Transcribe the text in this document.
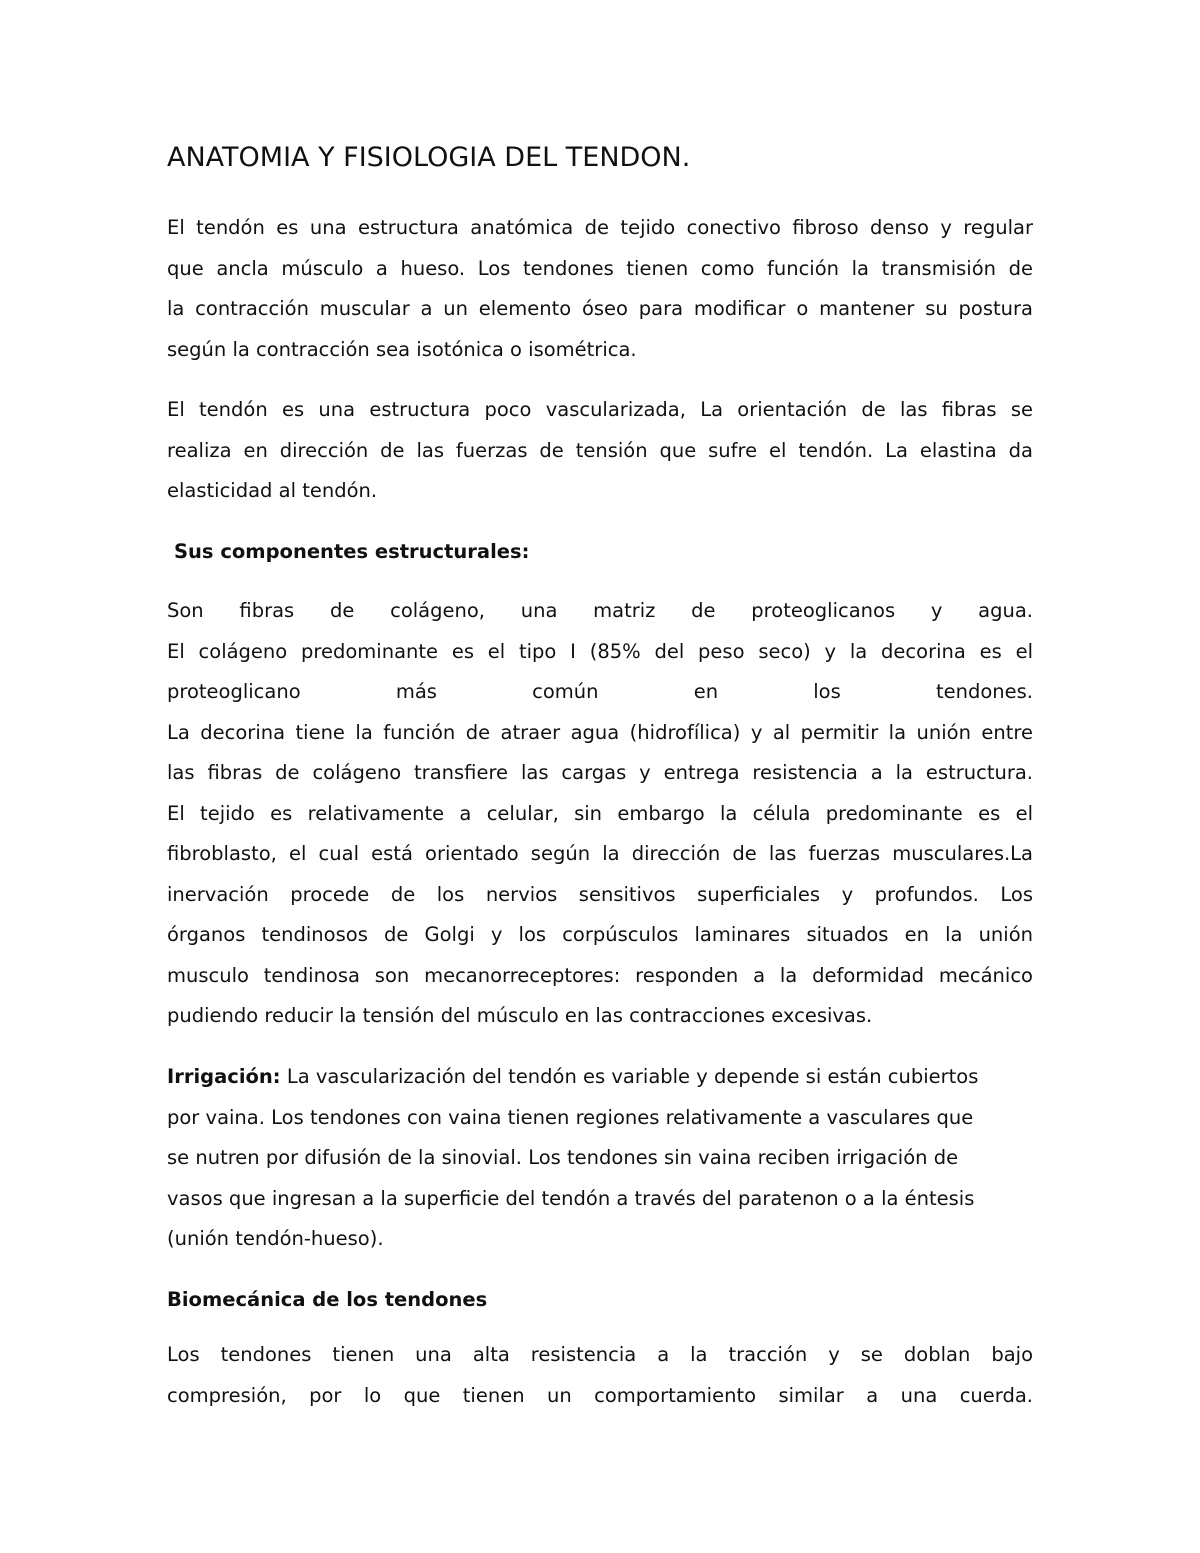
ANATOMIA Y FISIOLOGIA DEL TENDON.

El tendón es una estructura anatómica de tejido conectivo fibroso denso y regular
que ancla músculo a hueso. Los tendones tienen como función la transmisión de
la contracción muscular a un elemento óseo para modificar o mantener su postura
según la contracción sea isotónica o isométrica.

El tendón es una estructura poco vascularizada, La orientación de las fibras se
realiza en dirección de las fuerzas de tensión que sufre el tendón. La elastina da
elasticidad al tendón.

Sus componentes estructurales:

Son fibras de colágeno, una matriz de proteoglicanos y agua.
El colágeno predominante es el tipo I (85% del peso seco) y la decorina es el
proteoglicano más común en los tendones.
La decorina tiene la función de atraer agua (hidrofílica) y al permitir la unión entre
las fibras de colágeno transfiere las cargas y entrega resistencia a la estructura.
El tejido es relativamente a celular, sin embargo la célula predominante es el
fibroblasto, el cual está orientado según la dirección de las fuerzas musculares.La
inervación procede de los nervios sensitivos superficiales y profundos. Los
órganos tendinosos de Golgi y los corpúsculos laminares situados en la unión
musculo tendinosa son mecanorreceptores: responden a la deformidad mecánico
pudiendo reducir la tensión del músculo en las contracciones excesivas.

Irrigación: La vascularización del tendón es variable y depende si están cubiertos
por vaina. Los tendones con vaina tienen regiones relativamente a vasculares que
se nutren por difusión de la sinovial. Los tendones sin vaina reciben irrigación de
vasos que ingresan a la superficie del tendón a través del paratenon o a la éntesis
(unión tendón-hueso).

Biomecánica de los tendones

Los tendones tienen una alta resistencia a la tracción y se doblan bajo
compresión, por lo que tienen un comportamiento similar a una cuerda.
